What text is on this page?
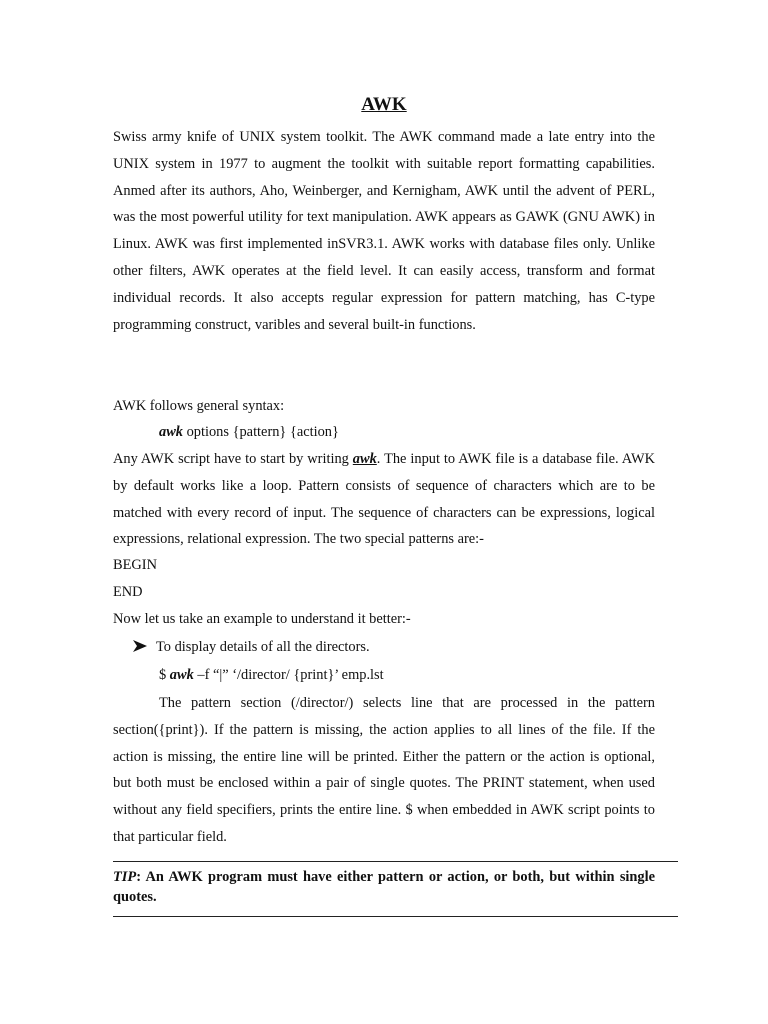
AWK

Swiss army knife of UNIX system toolkit. The AWK command made a late entry into the UNIX system in 1977 to augment the toolkit with suitable report formatting capabilities. Anmed after its authors, Aho, Weinberger, and Kernigham, AWK until the advent of PERL, was the most powerful utility for text manipulation. AWK appears as GAWK (GNU AWK) in Linux. AWK was first implemented inSVR3.1. AWK works with database files only. Unlike other filters, AWK operates at the field level. It can easily access, transform and format individual records. It also accepts regular expression for pattern matching, has C-type programming construct, varibles and several built-in functions.

AWK follows general syntax:
awk options {pattern} {action}

Any AWK script have to start by writing awk. The input to AWK file is a database file. AWK by default works like a loop. Pattern consists of sequence of characters which are to be matched with every record of input. The sequence of characters can be expressions, logical expressions, relational expression. The two special patterns are:-

BEGIN
END
Now let us take an example to understand it better:-
To display details of all the directors.
$ awk –f “|” ‘/director/ {print}’ emp.lst

The pattern section (/director/) selects line that are processed in the pattern section({print}). If the pattern is missing, the action applies to all lines of the file. If the action is missing, the entire line will be printed. Either the pattern or the action is optional, but both must be enclosed within a pair of single quotes. The PRINT statement, when used without any field specifiers, prints the entire line. $ when embedded in AWK script points to that particular field.

TIP: An AWK program must have either pattern or action, or both, but within single quotes.
